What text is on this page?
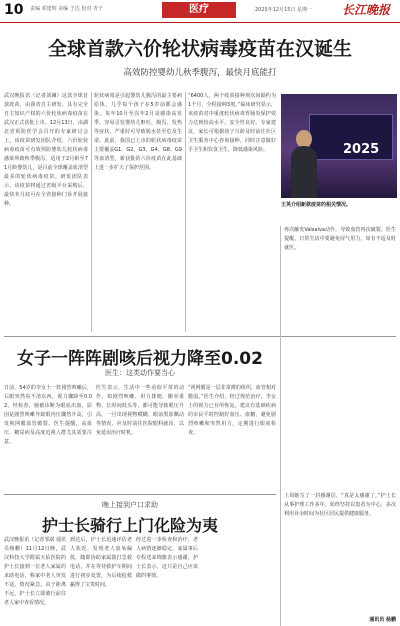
10 责编 邓建辉 美编 王达 校对 青子	医疗	2025年12月15日 星期一 长江晚报
全球首款六价轮状病毒疫苗在汉诞生
高效防控婴幼儿秋季腹泻，最快月底能打

武汉晚报讯（记者刘澜）这款全球首款疫苗，由我省自主研发、具有完全自主知识产权的六价轮状病毒疫苗在武汉正式获批上市。12月13日，由湖北省预防医学会召开的专家研讨会上，该疫苗研发团队介绍，六价轮状病毒疫苗可有效预防婴幼儿轮状病毒感染所致秋季腹泻，适用于2月龄至71月龄婴幼儿，是目前全球覆盖血清型最多的轮状病毒疫苗。研发团队表示，该疫苗将通过省级平台采购后，最快本月底可在全省接种门诊开展接种。

轮状病毒是引起婴幼儿腹泻的最主要病原体，几乎每个孩子在5岁前都会感染。每年10月至次年2月是感染高发季，容易引发婴幼儿呕吐、腹泻、发热等症状，严重时可导致脱水甚至危及生命。此前，我国已上市的轮状病毒疫苗主要覆盖G1、G2、G3、G4、G8、G9等血清型，新获批的六价疫苗在此基础上进一步扩大了保护范围。

“6400人，两个疫苗接种剂次间隔约为1个月，全程接种3剂。”临床研究显示，该疫苗对中重度轮状病毒胃肠炎保护效力达到较高水平，安全性良好。专家建议，家长可根据孩子月龄及时前往社区卫生服务中心咨询接种，同时注意做好手卫生和饮食卫生，降低感染风险。	2025
王英介绍新款疫苗的相关情况。
女子一阵阵剧咳后视力降至0.02
医生：这类动作要当心

日前，54岁的李女士一阵剧烈咳嗽后，右眼突然看不清东西，视力骤降至0.02。经检查，她被诊断为眼底出血，原因是剧烈咳嗽导致眼内压骤然升高，引发视网膜血管破裂。医生提醒，高血压、糖尿病及高度近视人群尤其需要注意。

医生表示，生活中一些看似平常的动作，如剧烈咳嗽、用力排便、搬举重物、长时间低头等，都可能导致眼压升高。一旦出现视物模糊、眼前黑影飘动等情况，应及时前往医院眼科就诊，以免延误治疗时机。

“视网膜是一层非常薄的组织，血管相对脆弱。”医生介绍，经过规范治疗，李女士的视力已有所恢复。建议有基础疾病的市民平时控制好血压、血糖，避免剧烈咳嗽和突然用力，定期进行眼底检查。

再次触发Valsalva动作，导致血管再次破裂。医生提醒，日常生活中要避免屏气用力，如有不适及时就医。

晚上接到户口求助
护士长骑行上门化险为夷

武汉晚报讯（记者邹澍 通讯员杨鹏）11月12日晚，武汉科技大学附属天佑医院的护士长接到一位老人家属的求助电话，称家中老人突发不适，情况紧急。由于距离不远，护士长立即骑行前往老人家中查看情况。

到达后，护士长迅速评估老人状况，发现老人血氧偏低，随即协助家属拨打急救电话，并在等待救护车期间进行初步处置，为后续抢救赢得了宝贵时间。

经过进一步检查和治疗，老人病情逐渐稳定。家属事后专程送来锦旗表示感谢。护士长表示，这只是自己应该做的事情。

上周她写了一封感谢信，“真是太感谢了。”护士长从事护理工作多年，始终坚持以患者为中心，多次利用业余时间为社区居民提供健康服务。

通讯员 杨鹏
